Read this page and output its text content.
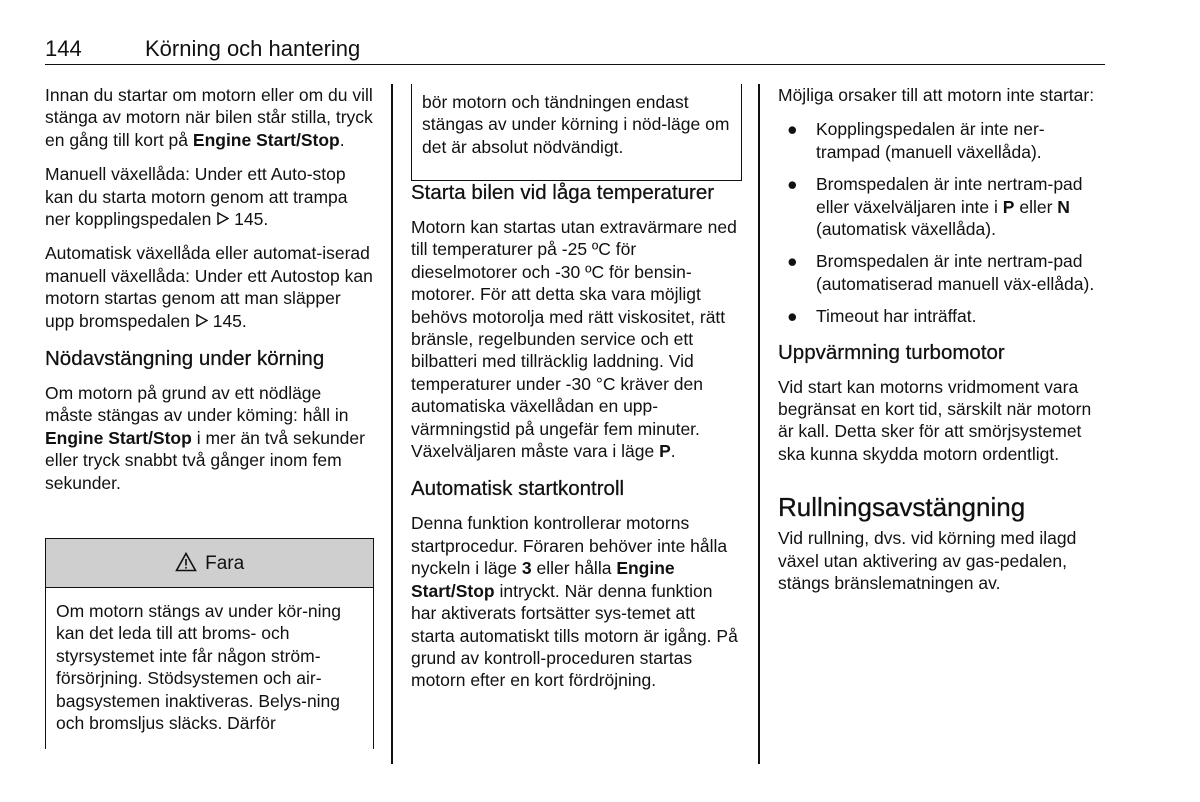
144	Körning och hantering

Innan du startar om motorn eller om du vill stänga av motorn när bilen står stilla, tryck en gång till kort på Engine Start/Stop.

Manuell växellåda: Under ett Auto-stop kan du starta motorn genom att trampa ner kopplingspedalen 145.

Automatisk växellåda eller automat-iserad manuell växellåda: Under ett Autostop kan motorn startas genom att man släpper upp bromspedalen 145.

Nödavstängning under körning

Om motorn på grund av ett nödläge måste stängas av under köming: håll in Engine Start/Stop i mer än två sekunder eller tryck snabbt två gånger inom fem sekunder.

Fara
Om motorn stängs av under kör-ning kan det leda till att broms- och styrsystemet inte får någon ström-försörjning. Stödsystemen och air-bagsystemen inaktiveras. Belys-ning och bromsljus släcks. Därför
bör motorn och tändningen endast stängas av under körning i nöd-läge om det är absolut nödvändigt.
Starta bilen vid låga temperaturer

Motorn kan startas utan extravärmare ned till temperaturer på -25 ºC för dieselmotorer och -30 ºC för bensin-motorer. För att detta ska vara möjligt behövs motorolja med rätt viskositet, rätt bränsle, regelbunden service och ett bilbatteri med tillräcklig laddning. Vid temperaturer under -30 °C kräver den automatiska växellådan en upp-värmningstid på ungefär fem minuter. Växelväljaren måste vara i läge P.

Automatisk startkontroll

Denna funktion kontrollerar motorns startprocedur. Föraren behöver inte hålla nyckeln i läge 3 eller hålla Engine Start/Stop intryckt. När denna funktion har aktiverats fortsätter sys-temet att starta automatiskt tills motorn är igång. På grund av kontroll-proceduren startas motorn efter en kort fördröjning.

Möjliga orsaker till att motorn inte startar:

● Kopplingspedalen är inte ner-trampad (manuell växellåda).
● Bromspedalen är inte nertram-pad eller växelväljaren inte i P eller N (automatisk växellåda).
● Bromspedalen är inte nertram-pad (automatiserad manuell väx-ellåda).
● Timeout har inträffat.
Uppvärmning turbomotor

Vid start kan motorns vridmoment vara begränsat en kort tid, särskilt när motorn är kall. Detta sker för att smörjsystemet ska kunna skydda motorn ordentligt.

Rullningsavstängning

Vid rullning, dvs. vid körning med ilagd växel utan aktivering av gas-pedalen, stängs bränslematningen av.
